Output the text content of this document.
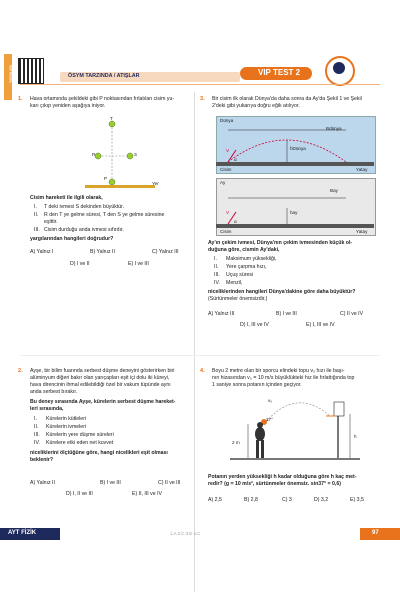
YAYINLARI	ÖSYM TARZINDA / ATIŞLAR	VIP TEST 2
1. Hava ortamında şekildeki gibi P noktasından fırlatılan cisim yu-
karı çıkıp yeniden aşağıya iniyor.
T
R	S
P
Yer
Cisim hareketi ile ilgili olarak,
I. T deki ivmesi S dekinden büyüktür.
II. R den T ye gelme süresi, T den S ye gelme süresine
eşittir.
III. Cisim durduğu anda ivmesi sıfırdır.
yargılarından hangileri doğrudur?
A) Yalnız I	B) Yalnız II	C) Yalnız III
D) I ve II	E) I ve III
3. Bir cisim ilk olarak Dünya'da daha sonra da Ay'da Şekil 1 ve Şekil
2'deki gibi yukarıya doğru eğik atılıyor.
Dünya
Bdünya
hDünya
V
α
Cisim	Yatay
Ay
Bay
hay
V
α
Cisim	Yatay
Ay'ın çekim ivmesi, Dünya'nın çekim ivmesinden küçük ol-
duğuna göre, cismin Ay'daki,
I. Maksimum yüksekliği,
II. Yere çarpma hızı,
III. Uçuş süresi
IV. Menzil,
niceliklerinden hangileri Dünya'dakine göre daha büyüktür?
(Sürtünmeler önemsizdir.)
A) Yalnız III	B) I ve III	C) II ve IV
D) I, III ve IV	E) I, III ve IV
2. Ayşe, bir bilim fuarında serbest düşme deneyini gösterirken biri
alüminyum diğeri bakır olan yarıçapları eşit içi dolu iki küreyi,
hava direncinin ihmal edilebildiği özel bir vakum tüpünde aynı
anda serbest bırakır.
Bu deney sırasında Ayşe, kürelerin serbest düşme hareket-
leri sırasında,
I. Kürelerin kütleleri
II. Kürelerin ivmeleri
III. Kürelerin yere düşme süreleri
IV. Kürelere etki eden net kuvvet
niceliklerini ölçtüğüne göre, hangi nicelikleri eşit olması
beklenir?
A) Yalnız II	B) I ve III	C) II ve III
D) I, II ve III	E) II, III ve IV
4. Boyu 2 metre olan bir sporcu elindeki topu v₀ hızı ile başı-
nın hizasından v₀ = 10 m/s büyüklükteki hız ile fırlattığında top
1 saniye sonra potanın içinden geçiyor.
v₀
37°
2 m
h
Potanın yerden yüksekliği h kadar olduğuna göre h kaç met-
redir? (g = 10 m/s², sürtünmeler önemsiz. sin37° = 0,6)
A) 2,5	B) 2,8	C) 3	D) 3,2	E) 3,5
AYT FİZİK	1.A 2.C 3.E 4.C	97
